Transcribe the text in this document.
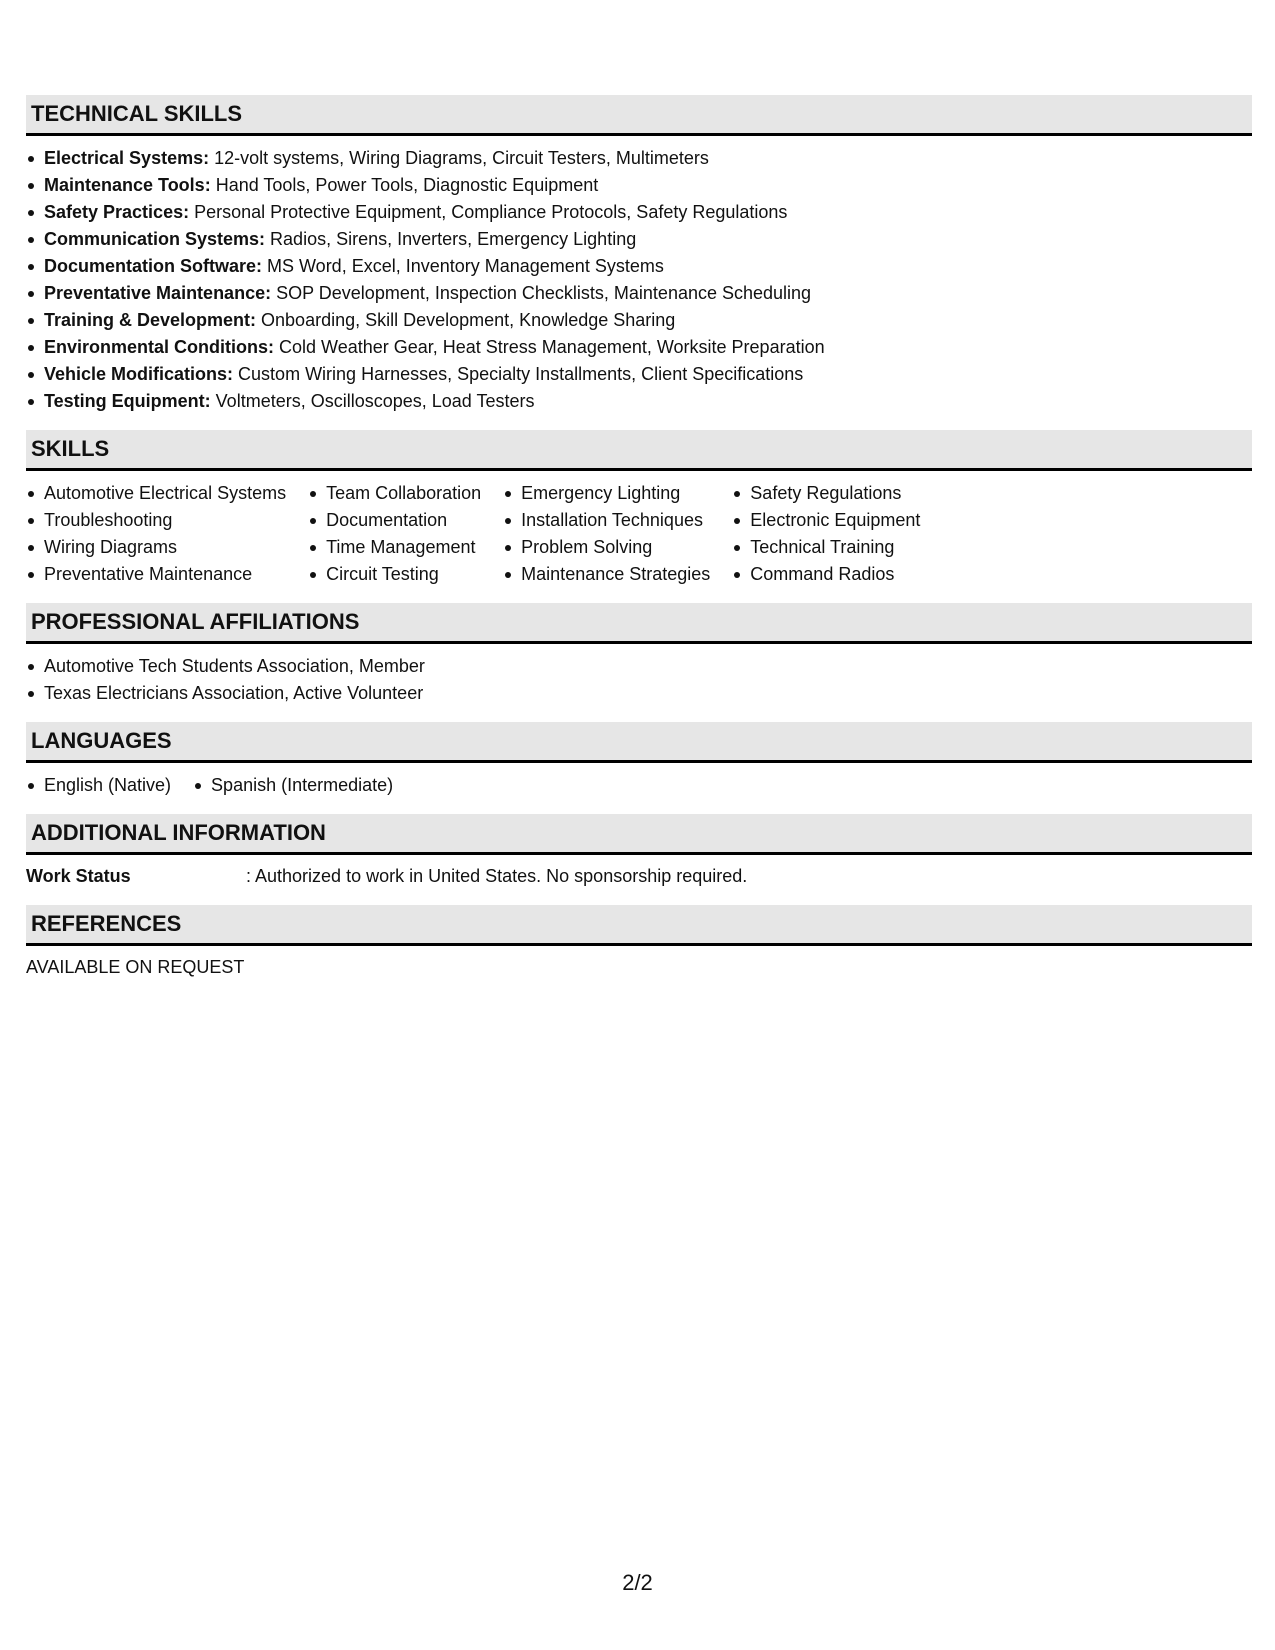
TECHNICAL SKILLS
Electrical Systems: 12-volt systems, Wiring Diagrams, Circuit Testers, Multimeters
Maintenance Tools: Hand Tools, Power Tools, Diagnostic Equipment
Safety Practices: Personal Protective Equipment, Compliance Protocols, Safety Regulations
Communication Systems: Radios, Sirens, Inverters, Emergency Lighting
Documentation Software: MS Word, Excel, Inventory Management Systems
Preventative Maintenance: SOP Development, Inspection Checklists, Maintenance Scheduling
Training & Development: Onboarding, Skill Development, Knowledge Sharing
Environmental Conditions: Cold Weather Gear, Heat Stress Management, Worksite Preparation
Vehicle Modifications: Custom Wiring Harnesses, Specialty Installments, Client Specifications
Testing Equipment: Voltmeters, Oscilloscopes, Load Testers
SKILLS
Automotive Electrical Systems
Troubleshooting
Wiring Diagrams
Preventative Maintenance
Team Collaboration
Documentation
Time Management
Circuit Testing
Emergency Lighting
Installation Techniques
Problem Solving
Maintenance Strategies
Safety Regulations
Electronic Equipment
Technical Training
Command Radios
PROFESSIONAL AFFILIATIONS
Automotive Tech Students Association, Member
Texas Electricians Association, Active Volunteer
LANGUAGES
English (Native)	Spanish (Intermediate)
ADDITIONAL INFORMATION
Work Status	: Authorized to work in United States. No sponsorship required.
REFERENCES
AVAILABLE ON REQUEST
2/2
